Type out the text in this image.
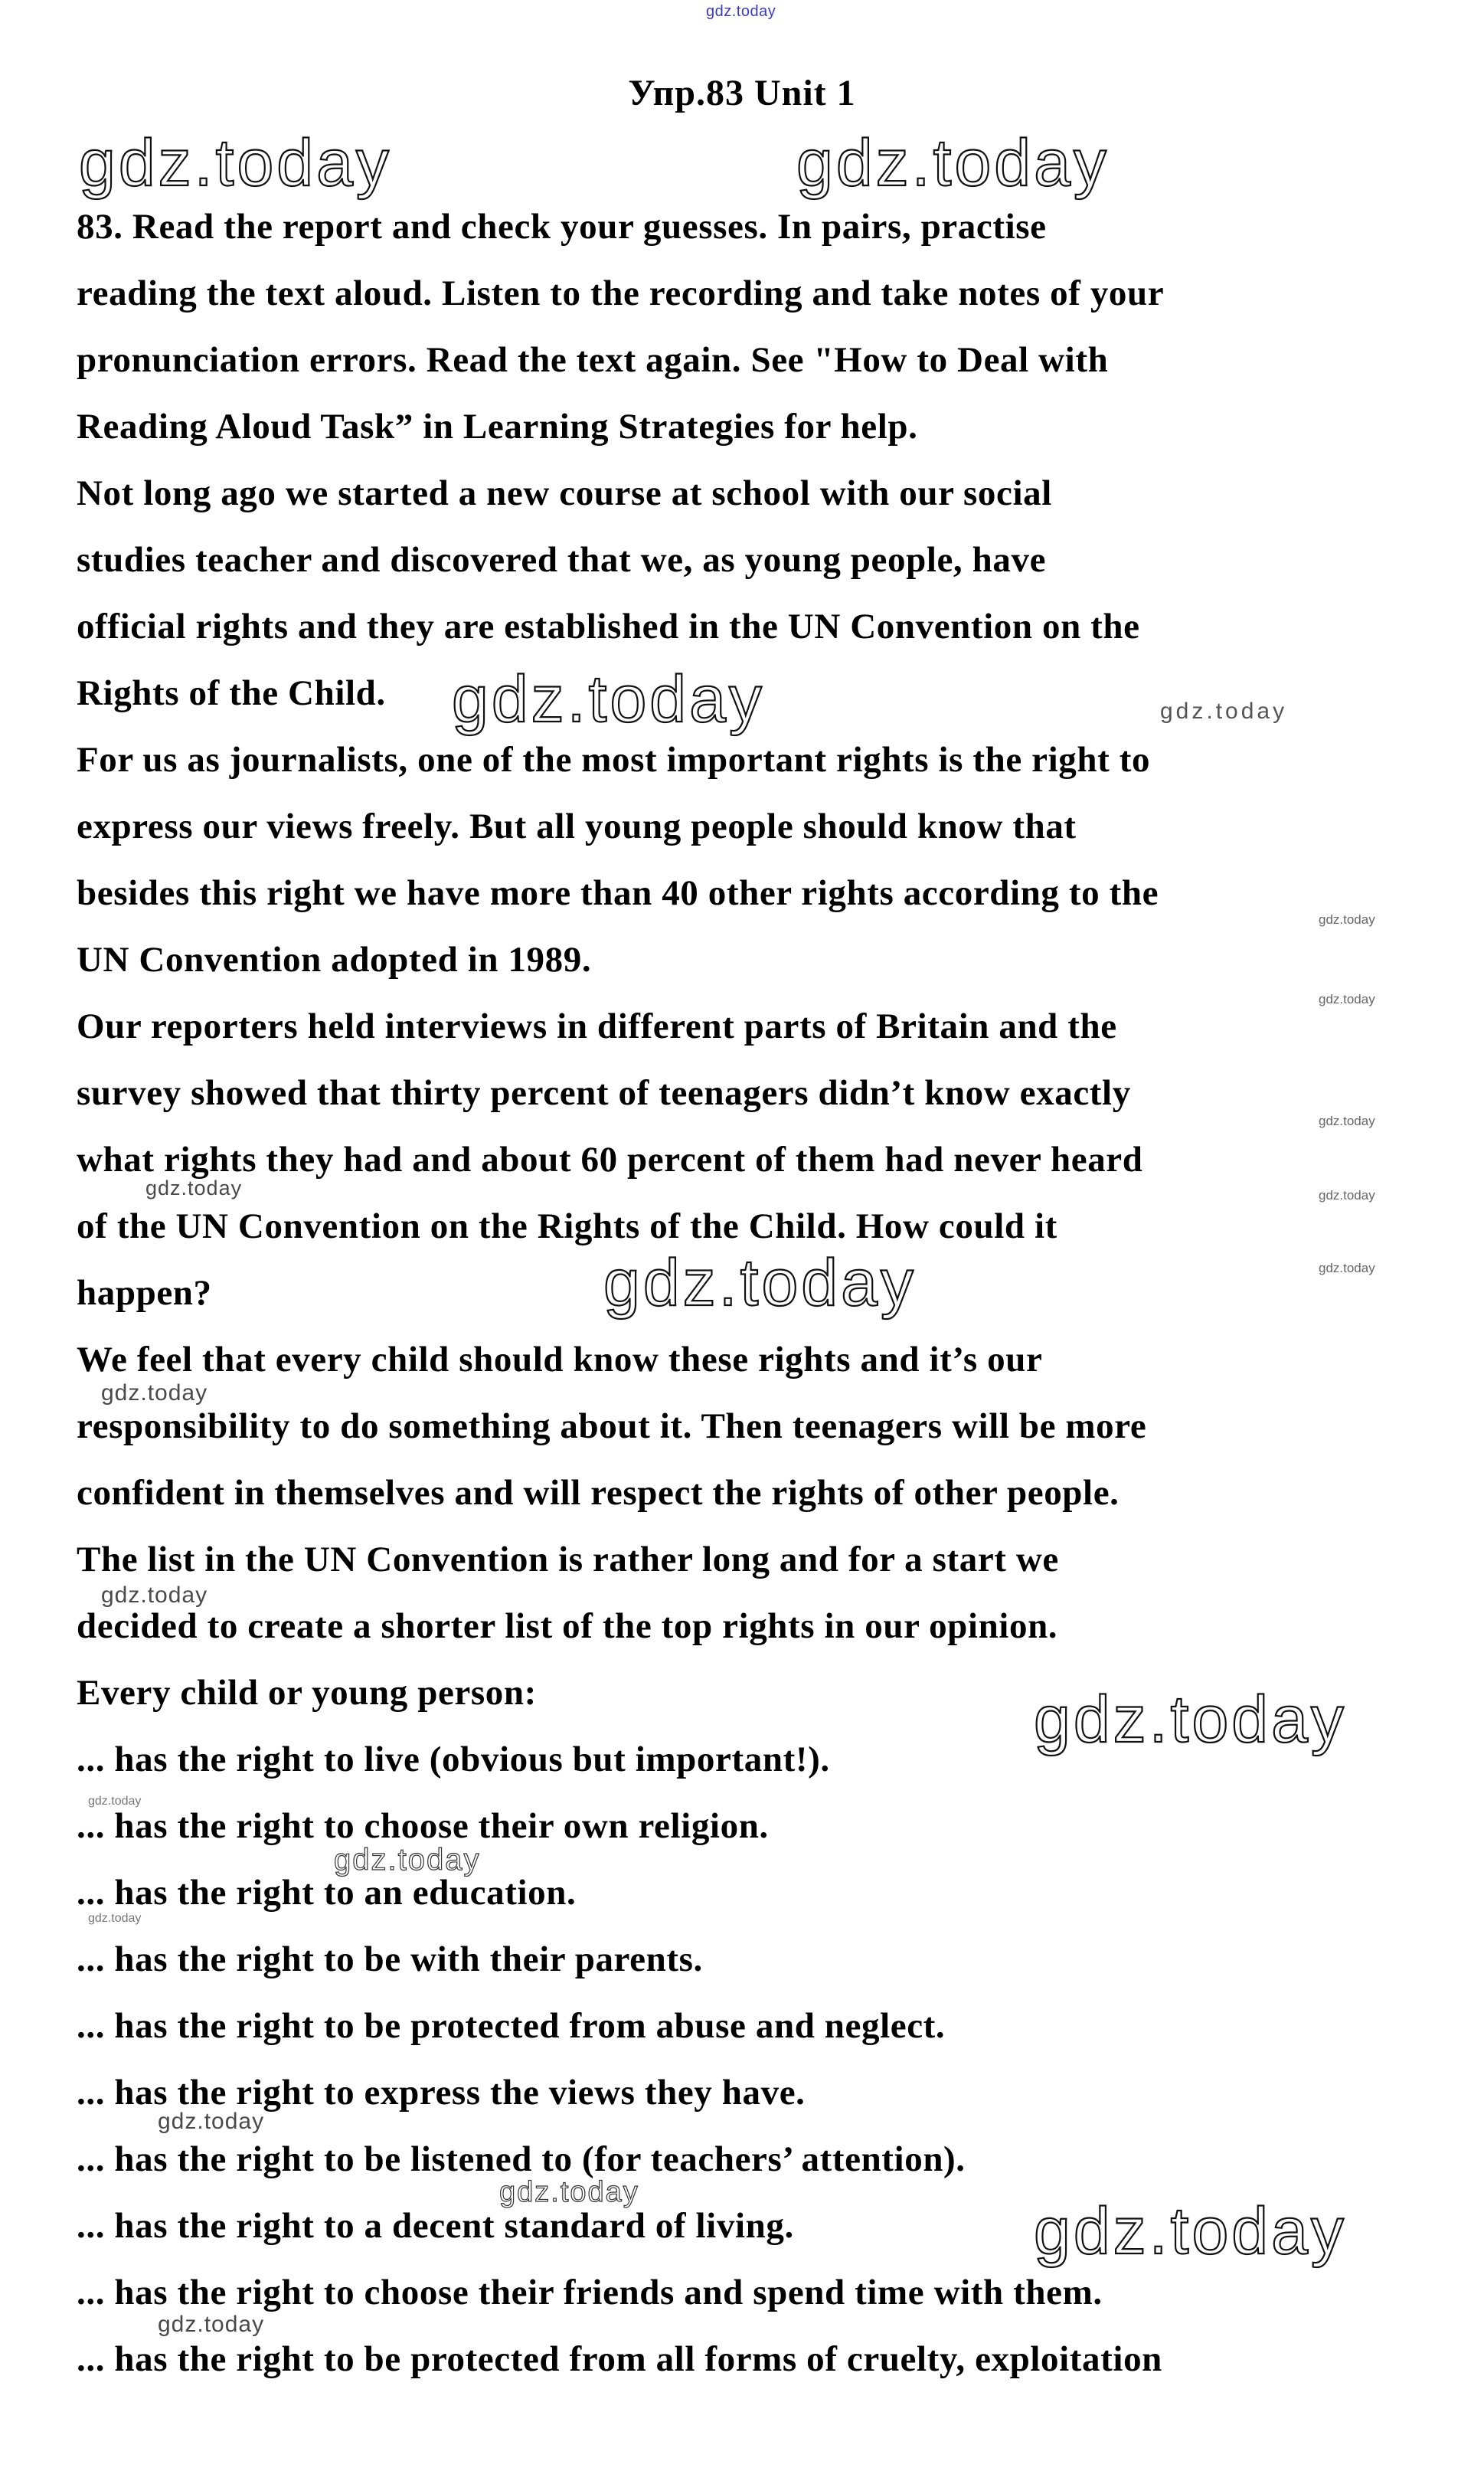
gdz.today
Упр.83 Unit 1
gdz.today	gdz.today
83. Read the report and check your guesses. In pairs, practise
reading the text aloud. Listen to the recording and take notes of your
pronunciation errors. Read the text again. See "How to Deal with
Reading Aloud Task” in Learning Strategies for help.
Not long ago we started a new course at school with our social
studies teacher and discovered that we, as young people, have
official rights and they are established in the UN Convention on the
Rights of the Child.
For us as journalists, one of the most important rights is the right to
express our views freely. But all young people should know that
besides this right we have more than 40 other rights according to the
UN Convention adopted in 1989.
Our reporters held interviews in different parts of Britain and the
survey showed that thirty percent of teenagers didn’t know exactly
what rights they had and about 60 percent of them had never heard
of the UN Convention on the Rights of the Child. How could it
happen?
We feel that every child should know these rights and it’s our
responsibility to do something about it. Then teenagers will be more
confident in themselves and will respect the rights of other people.
The list in the UN Convention is rather long and for a start we
decided to create a shorter list of the top rights in our opinion.
Every child or young person:
... has the right to live (obvious but important!).
... has the right to choose their own religion.
... has the right to an education.
... has the right to be with their parents.
... has the right to be protected from abuse and neglect.
... has the right to express the views they have.
... has the right to be listened to (for teachers’ attention).
... has the right to a decent standard of living.
... has the right to choose their friends and spend time with them.
... has the right to be protected from all forms of cruelty, exploitation
gdz.today	gdz.today
gdz.today
gdz.today
gdz.today
gdz.today	gdz.today
gdz.today
gdz.today
gdz.today
gdz.today
gdz.today
gdz.today
gdz.today
gdz.today
gdz.today
gdz.today
gdz.today
gdz.today
